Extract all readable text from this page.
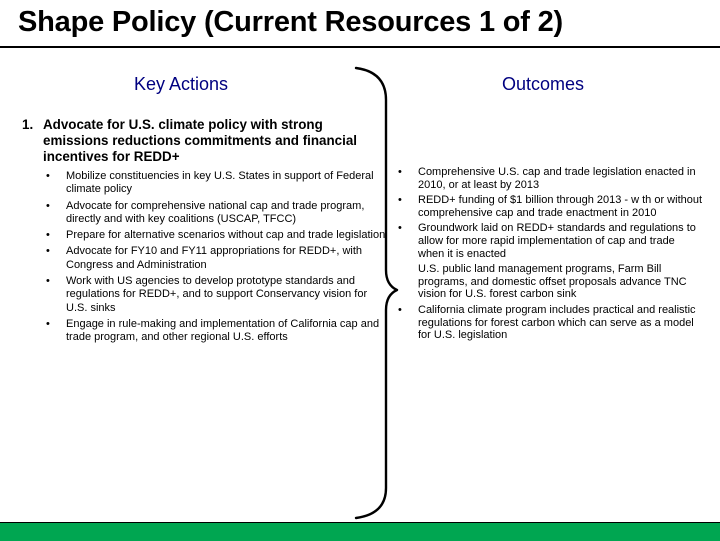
Shape Policy (Current Resources 1 of 2)
Key Actions	Outcomes
1. Advocate for U.S. climate policy with strong emissions reductions commitments and financial incentives for REDD+
• Mobilize constituencies in key U.S. States in support of Federal climate policy
• Advocate for comprehensive national cap and trade program, directly and with key coalitions (USCAP, TFCC)
• Prepare for alternative scenarios without cap and trade legislation
• Advocate for FY10 and FY11 appropriations for REDD+, with Congress and Administration
• Work with US agencies to develop prototype standards and regulations for REDD+, and to support Conservancy vision for U.S. sinks
• Engage in rule-making and implementation of California cap and trade program, and other regional U.S. efforts
• Comprehensive U.S. cap and trade legislation enacted in 2010, or at least by 2013
• REDD+ funding of $1 billion through 2013 - w th or without comprehensive cap and trade enactment in 2010
• Groundwork laid on REDD+ standards and regulations to allow for more rapid implementation of cap and trade when it is enacted
U.S. public land management programs, Farm Bill programs, and domestic offset proposals advance TNC vision for U.S. forest carbon sink
• California climate program includes practical and realistic regulations for forest carbon which can serve as a model for U.S. legislation
